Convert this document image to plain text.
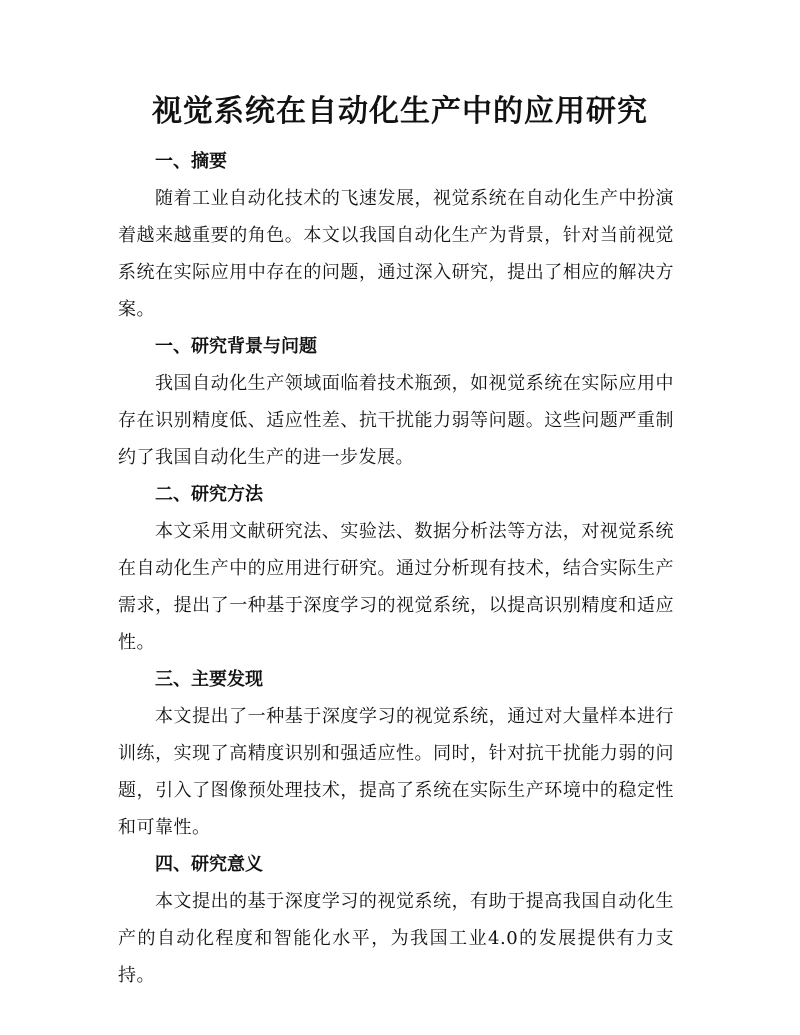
视觉系统在自动化生产中的应用研究

一、摘要

随着工业自动化技术的飞速发展，视觉系统在自动化生产中扮演着越来越重要的角色。本文以我国自动化生产为背景，针对当前视觉系统在实际应用中存在的问题，通过深入研究，提出了相应的解决方案。

一、研究背景与问题

我国自动化生产领域面临着技术瓶颈，如视觉系统在实际应用中存在识别精度低、适应性差、抗干扰能力弱等问题。这些问题严重制约了我国自动化生产的进一步发展。

二、研究方法

本文采用文献研究法、实验法、数据分析法等方法，对视觉系统在自动化生产中的应用进行研究。通过分析现有技术，结合实际生产需求，提出了一种基于深度学习的视觉系统，以提高识别精度和适应性。

三、主要发现

本文提出了一种基于深度学习的视觉系统，通过对大量样本进行训练，实现了高精度识别和强适应性。同时，针对抗干扰能力弱的问题，引入了图像预处理技术，提高了系统在实际生产环境中的稳定性和可靠性。

四、研究意义

本文提出的基于深度学习的视觉系统，有助于提高我国自动化生产的自动化程度和智能化水平，为我国工业4.0的发展提供有力支持。
